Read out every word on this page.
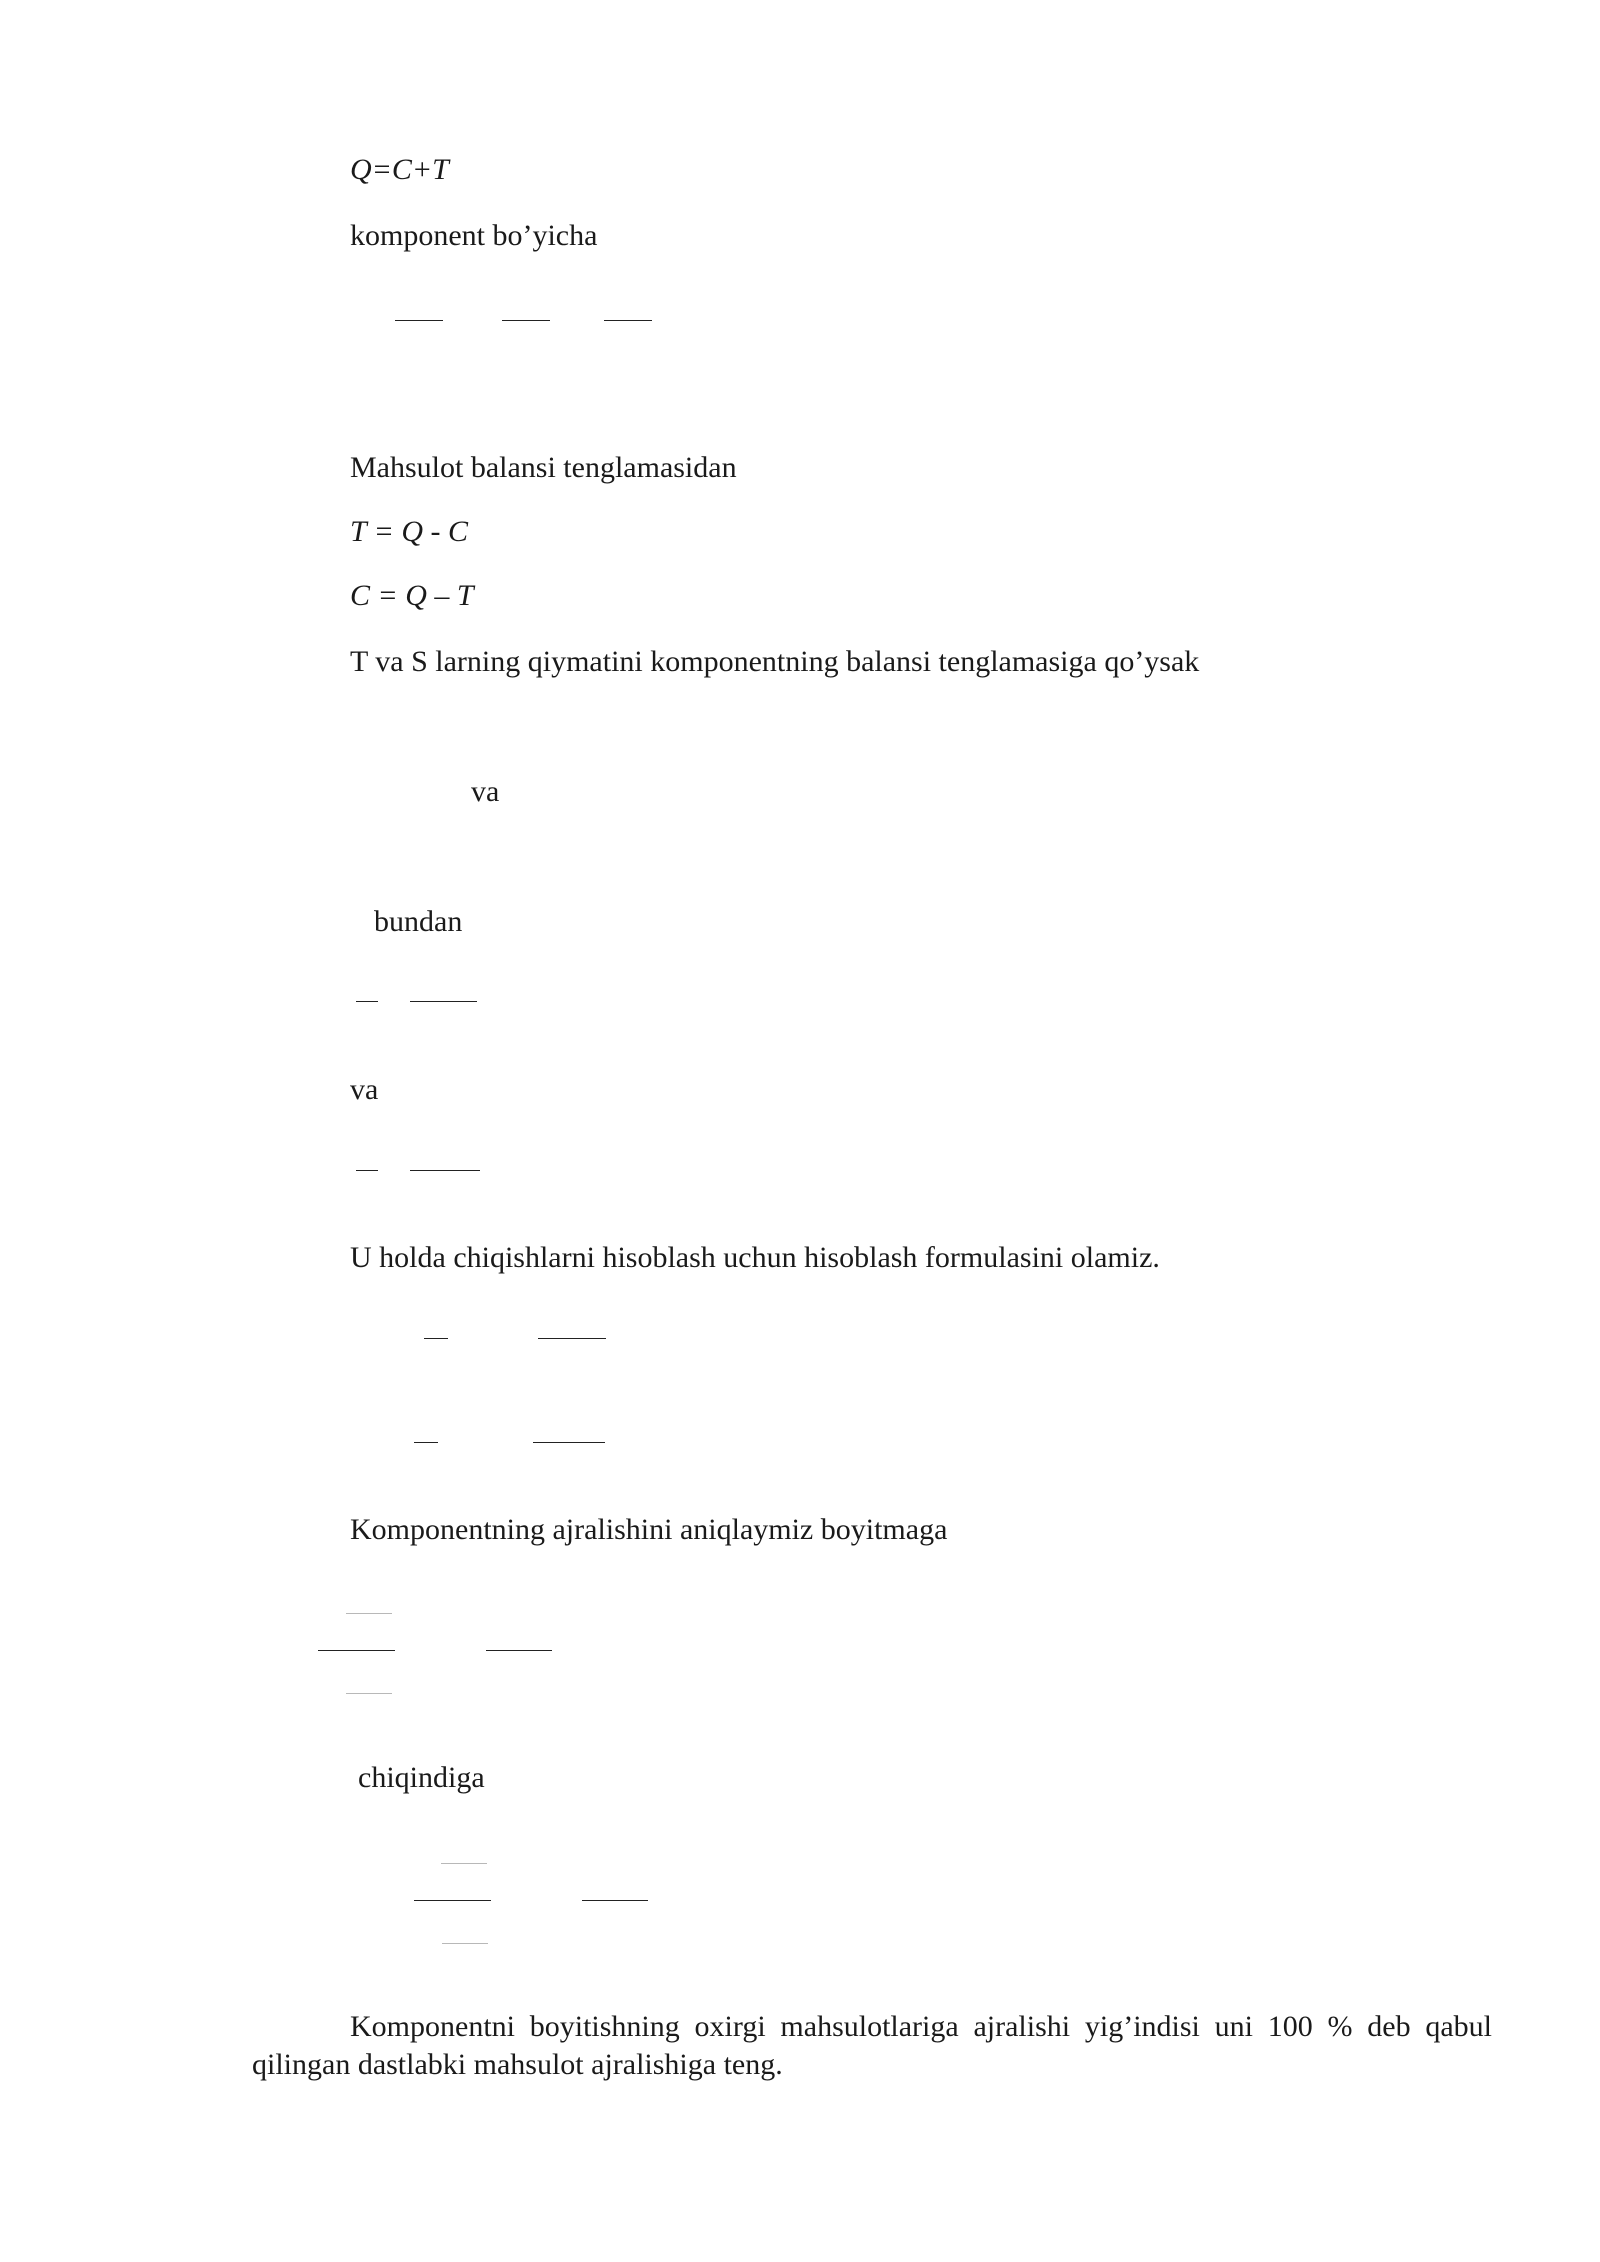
Q=C+T
komponent bo’yicha
Mahsulot balansi tenglamasidan
T = Q - C
C = Q – T
T va S larning qiymatini komponentning balansi tenglamasiga qo’ysak
va
bundan
va
U holda chiqishlarni hisoblash uchun hisoblash formulasini olamiz.
Komponentning ajralishini aniqlaymiz boyitmaga
chiqindiga
Komponentni boyitishning oxirgi mahsulotlariga ajralishi yig’indisi uni 100 % deb qabul qilingan dastlabki mahsulot ajralishiga teng.
